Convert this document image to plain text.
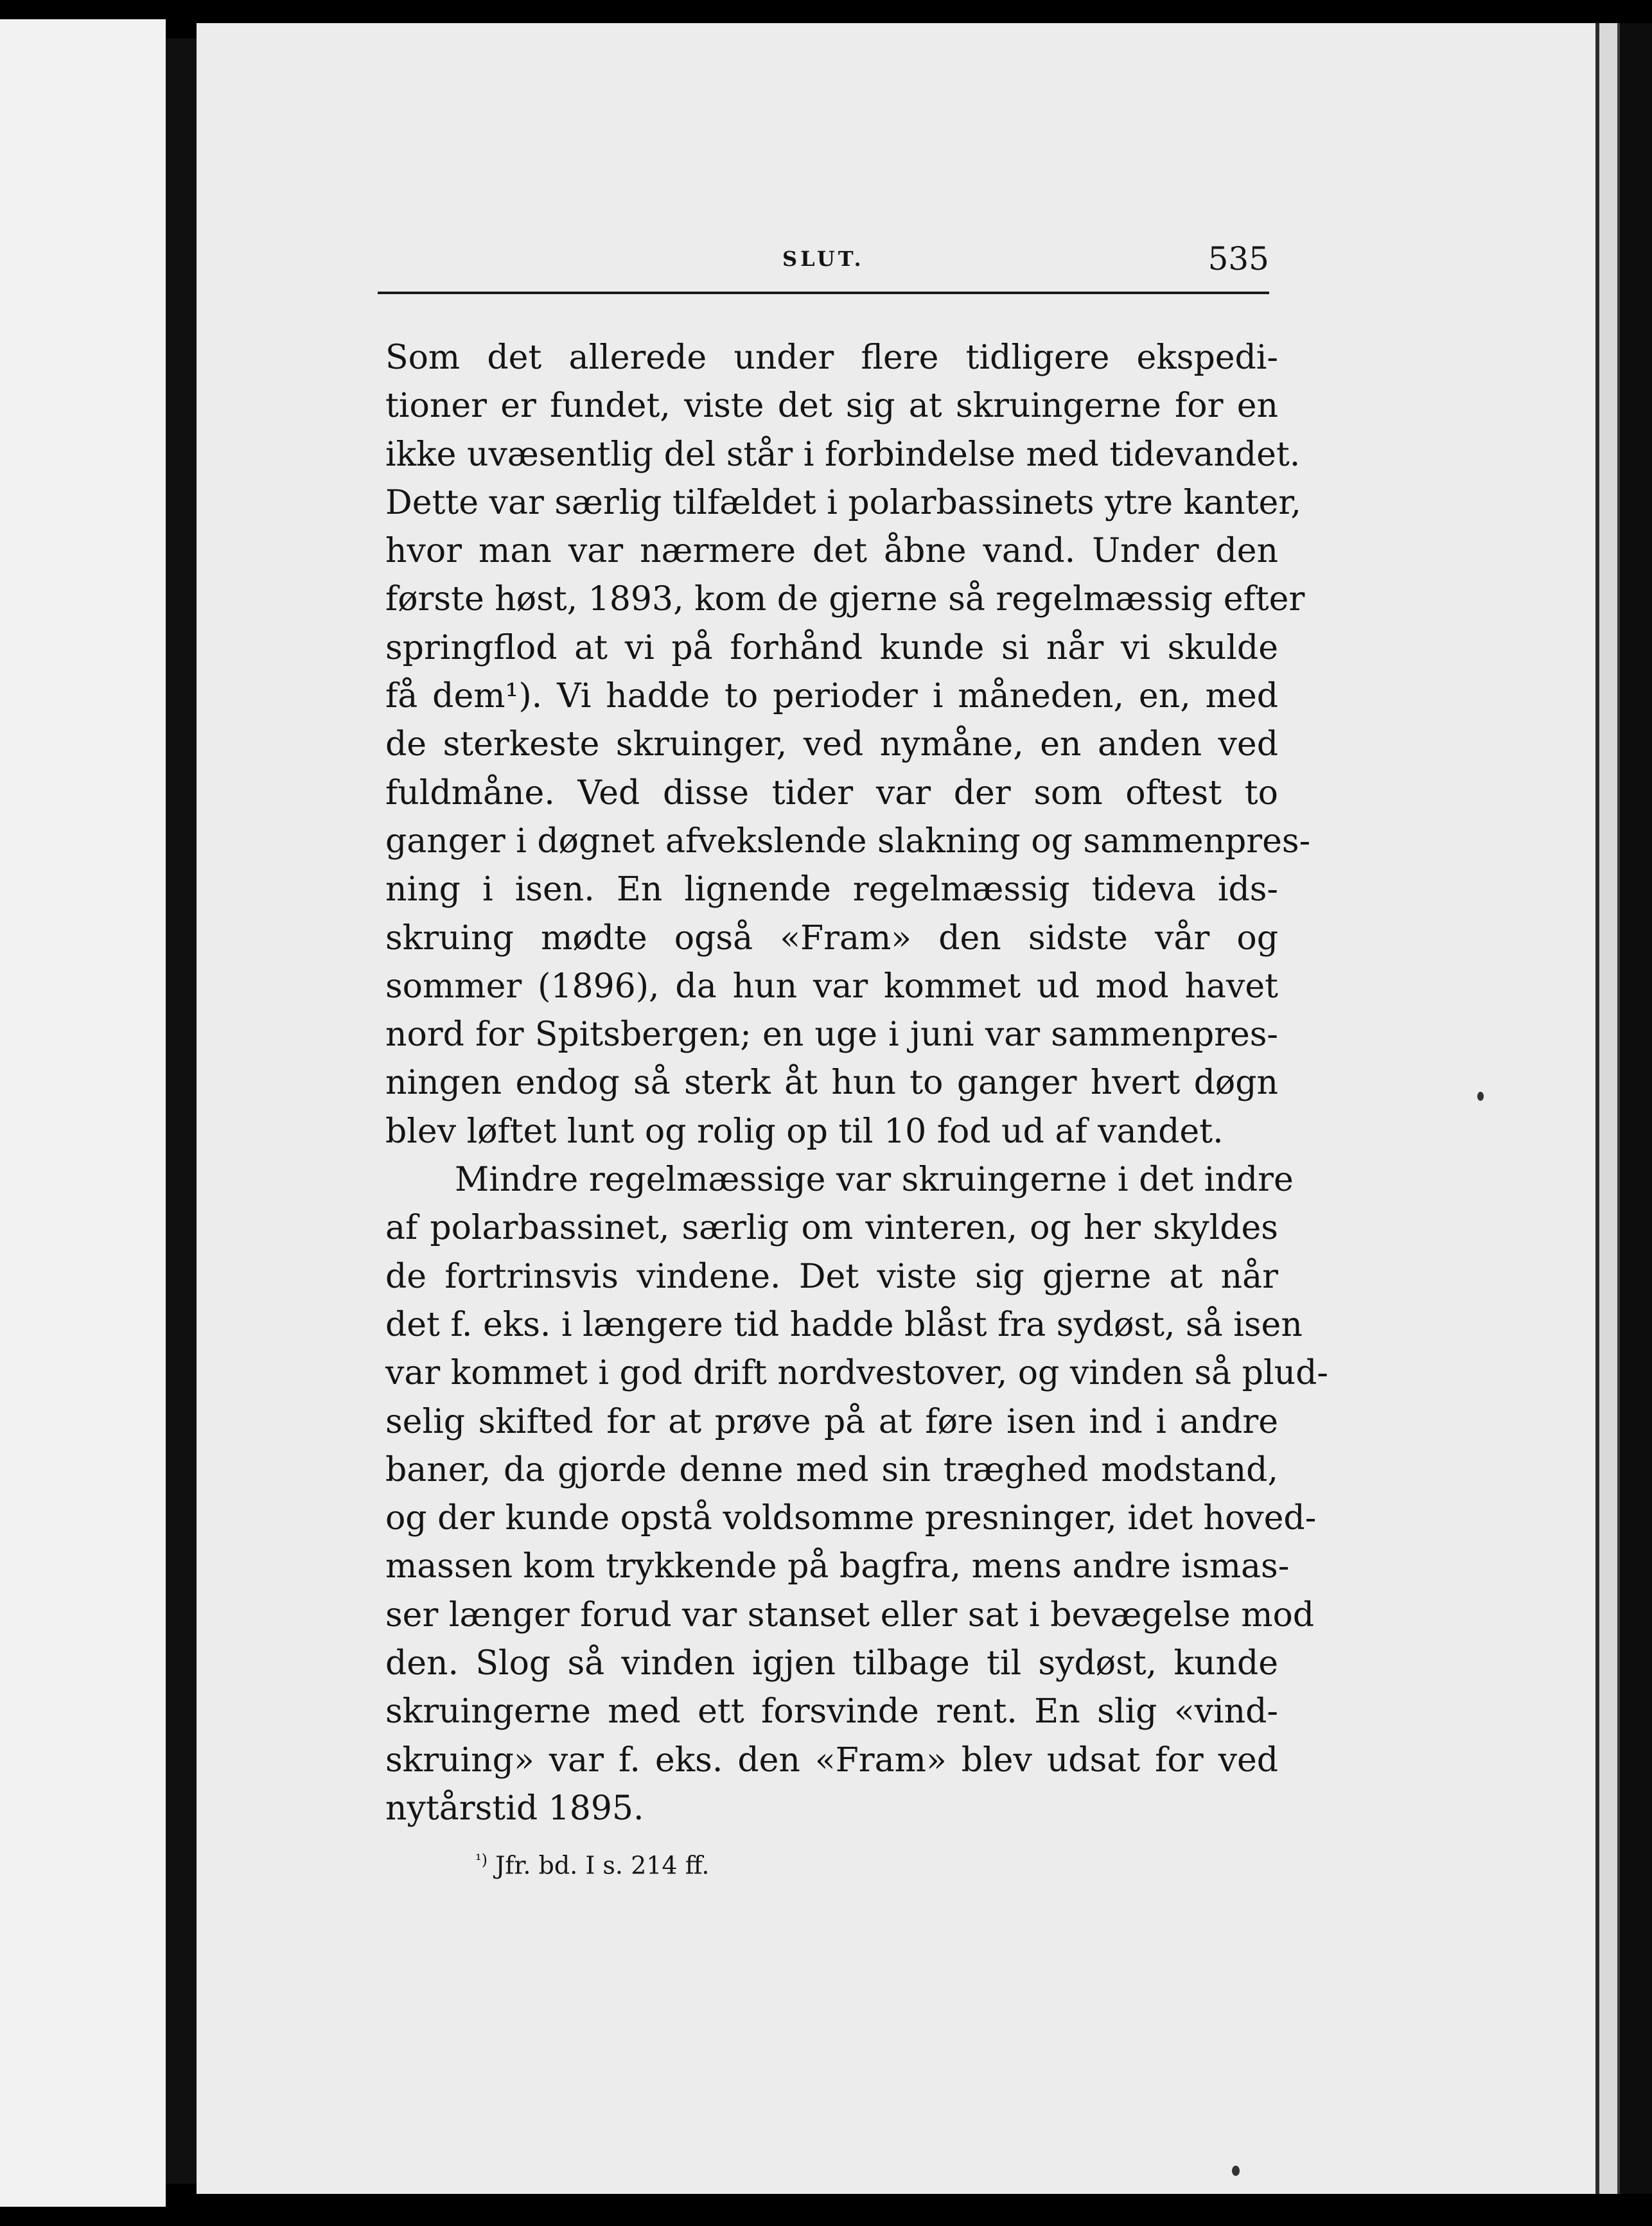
SLUT.	535
Som det allerede under flere tidligere ekspedi-
tioner er fundet, viste det sig at skruingerne for en
ikke uvæsentlig del står i forbindelse med tidevandet.
Dette var særlig tilfældet i polarbassinets ytre kanter,
hvor man var nærmere det åbne vand. Under den
første høst, 1893, kom de gjerne så regelmæssig efter
springflod at vi på forhånd kunde si når vi skulde
få dem¹). Vi hadde to perioder i måneden, en, med
de sterkeste skruinger, ved nymåne, en anden ved
fuldmåne. Ved disse tider var der som oftest to
ganger i døgnet afvekslende slakning og sammenpres-
ning i isen. En lignende regelmæssig tideva ids-
skruing mødte også «Fram» den sidste vår og
sommer (1896), da hun var kommet ud mod havet
nord for Spitsbergen; en uge i juni var sammenpres-
ningen endog så sterk åt hun to ganger hvert døgn
blev løftet lunt og rolig op til 10 fod ud af vandet.
Mindre regelmæssige var skruingerne i det indre
af polarbassinet, særlig om vinteren, og her skyldes
de fortrinsvis vindene. Det viste sig gjerne at når
det f. eks. i længere tid hadde blåst fra sydøst, så isen
var kommet i god drift nordvestover, og vinden så plud-
selig skifted for at prøve på at føre isen ind i andre
baner, da gjorde denne med sin træghed modstand,
og der kunde opstå voldsomme presninger, idet hoved-
massen kom trykkende på bagfra, mens andre ismas-
ser længer forud var stanset eller sat i bevægelse mod
den. Slog så vinden igjen tilbage til sydøst, kunde
skruingerne med ett forsvinde rent. En slig «vind-
skruing» var f. eks. den «Fram» blev udsat for ved
nytårstid 1895.
$^{^1)}$ Jfr. bd. I s. 214 ff.
